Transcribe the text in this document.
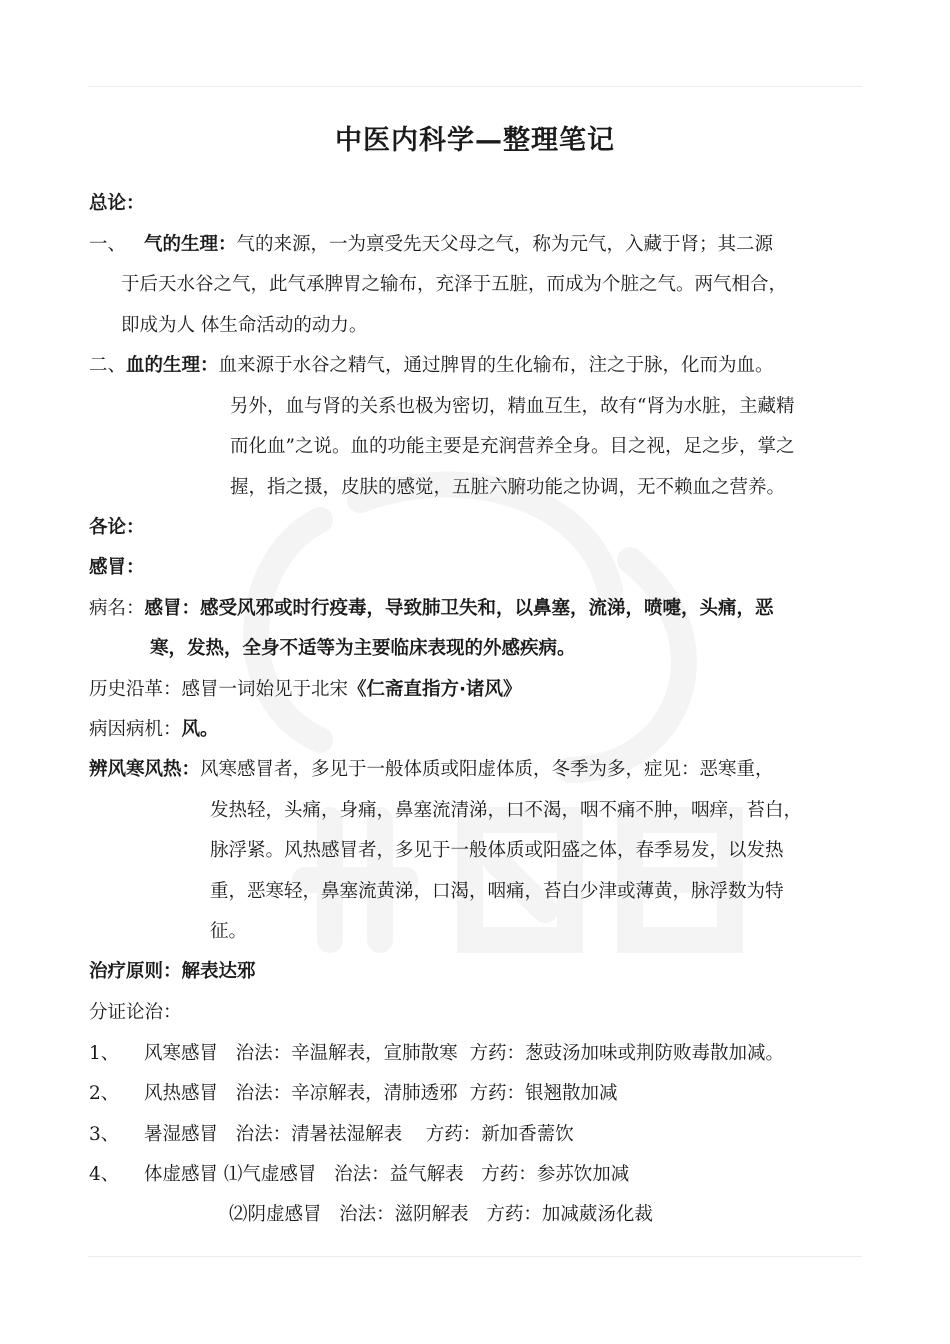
中医内科学—整理笔记
总论：
一、 气的生理：气的来源，一为禀受先天父母之气，称为元气，入藏于肾；其二源
于后天水谷之气，此气承脾胃之输布，充泽于五脏，而成为个脏之气。两气相合，
即成为人 体生命活动的动力。
二、血的生理：血来源于水谷之精气，通过脾胃的生化输布，注之于脉，化而为血。
另外，血与肾的关系也极为密切，精血互生，故有“肾为水脏，主藏精
而化血”之说。血的功能主要是充润营养全身。目之视，足之步，掌之
握，指之摄，皮肤的感觉，五脏六腑功能之协调，无不赖血之营养。
各论：
感冒：
病名：感冒：感受风邪或时行疫毒，导致肺卫失和，以鼻塞，流涕，喷嚏，头痛，恶
寒，发热，全身不适等为主要临床表现的外感疾病。
历史沿革：感冒一词始见于北宋《仁斋直指方·诸风》
病因病机：风。
辨风寒风热：风寒感冒者，多见于一般体质或阳虚体质，冬季为多，症见：恶寒重，
发热轻，头痛，身痛，鼻塞流清涕，口不渴，咽不痛不肿，咽痒，苔白，
脉浮紧。风热感冒者，多见于一般体质或阳盛之体，春季易发，以发热
重，恶寒轻，鼻塞流黄涕，口渴，咽痛，苔白少津或薄黄，脉浮数为特
征。
治疗原则：解表达邪
分证论治：
1、 风寒感冒 治法：辛温解表，宣肺散寒 方药：葱豉汤加味或荆防败毒散加减。
2、 风热感冒 治法：辛凉解表，清肺透邪 方药：银翘散加减
3、 暑湿感冒 治法：清暑祛湿解表 方药：新加香薷饮
4、 体虚感冒 ⑴气虚感冒 治法：益气解表 方药：参苏饮加减
⑵阴虚感冒 治法：滋阴解表 方药：加减葳汤化裁
